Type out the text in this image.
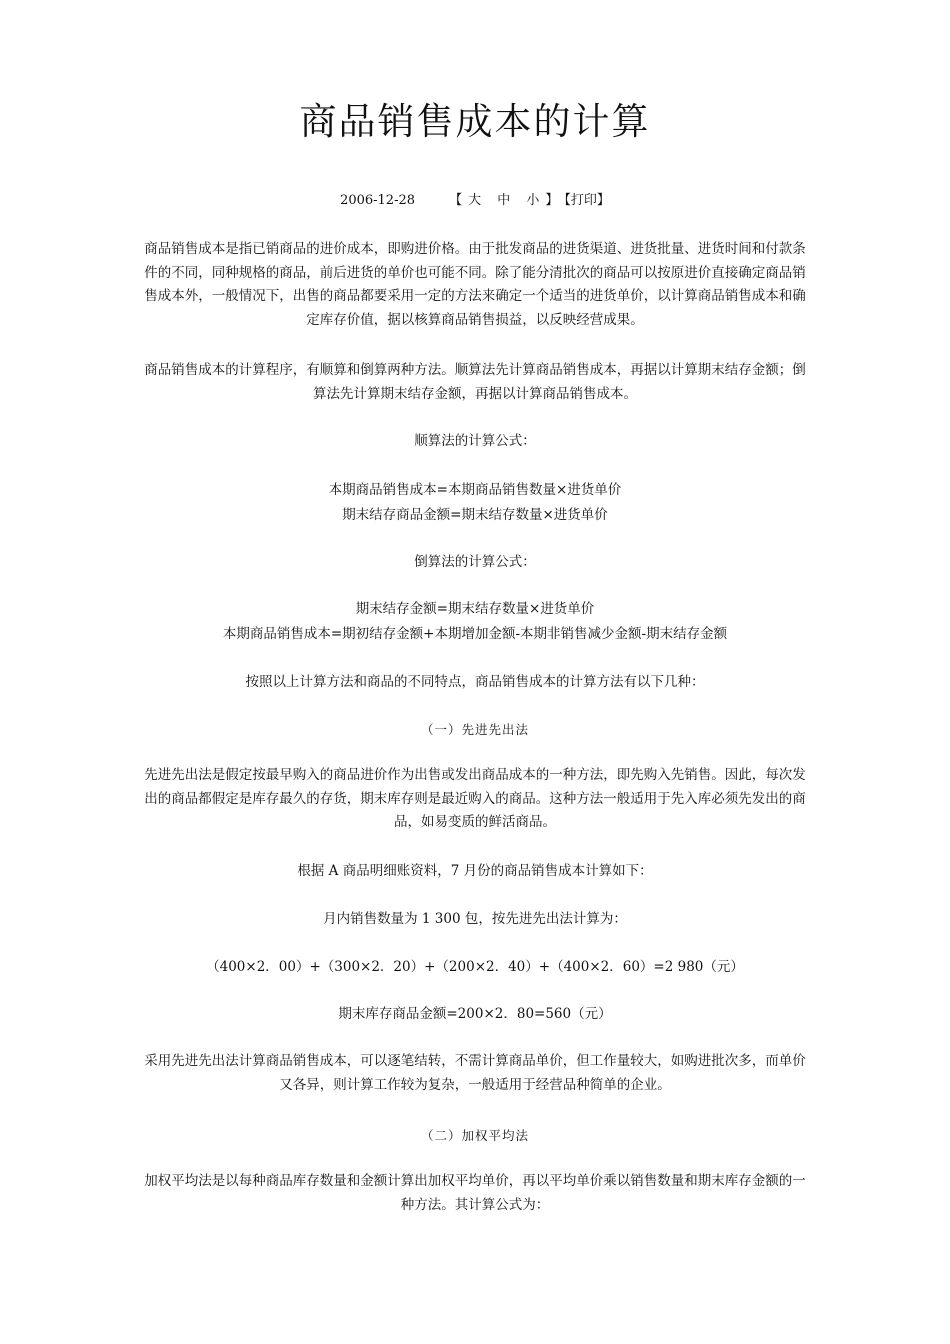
商品销售成本的计算
2006-12-28	【大 中 小】【打印】

商品销售成本是指已销商品的进价成本，即购进价格。由于批发商品的进货渠道、进货批量、进货时间和付款条件的不同，同种规格的商品，前后进货的单价也可能不同。除了能分清批次的商品可以按原进价直接确定商品销售成本外，一般情况下，出售的商品都要采用一定的方法来确定一个适当的进货单价，以计算商品销售成本和确定库存价值，据以核算商品销售损益，以反映经营成果。

商品销售成本的计算程序，有顺算和倒算两种方法。顺算法先计算商品销售成本，再据以计算期末结存金额；倒算法先计算期末结存金额，再据以计算商品销售成本。

顺算法的计算公式：

本期商品销售成本=本期商品销售数量×进货单价

期末结存商品金额=期末结存数量×进货单价

倒算法的计算公式：

期末结存金额=期末结存数量×进货单价

本期商品销售成本=期初结存金额+本期增加金额-本期非销售减少金额-期末结存金额

按照以上计算方法和商品的不同特点，商品销售成本的计算方法有以下几种：

（一）先进先出法

先进先出法是假定按最早购入的商品进价作为出售或发出商品成本的一种方法，即先购入先销售。因此，每次发出的商品都假定是库存最久的存货，期末库存则是最近购入的商品。这种方法一般适用于先入库必须先发出的商品，如易变质的鲜活商品。

根据 A 商品明细账资料，7 月份的商品销售成本计算如下：

月内销售数量为 1 300 包，按先进先出法计算为：

（400×2．00）+（300×2．20）+（200×2．40）+（400×2．60）=2 980（元）

期末库存商品金额=200×2．80=560（元）

采用先进先出法计算商品销售成本，可以逐笔结转，不需计算商品单价，但工作量较大，如购进批次多，而单价又各异，则计算工作较为复杂，一般适用于经营品种简单的企业。

（二）加权平均法

加权平均法是以每种商品库存数量和金额计算出加权平均单价，再以平均单价乘以销售数量和期末库存金额的一种方法。其计算公式为：
